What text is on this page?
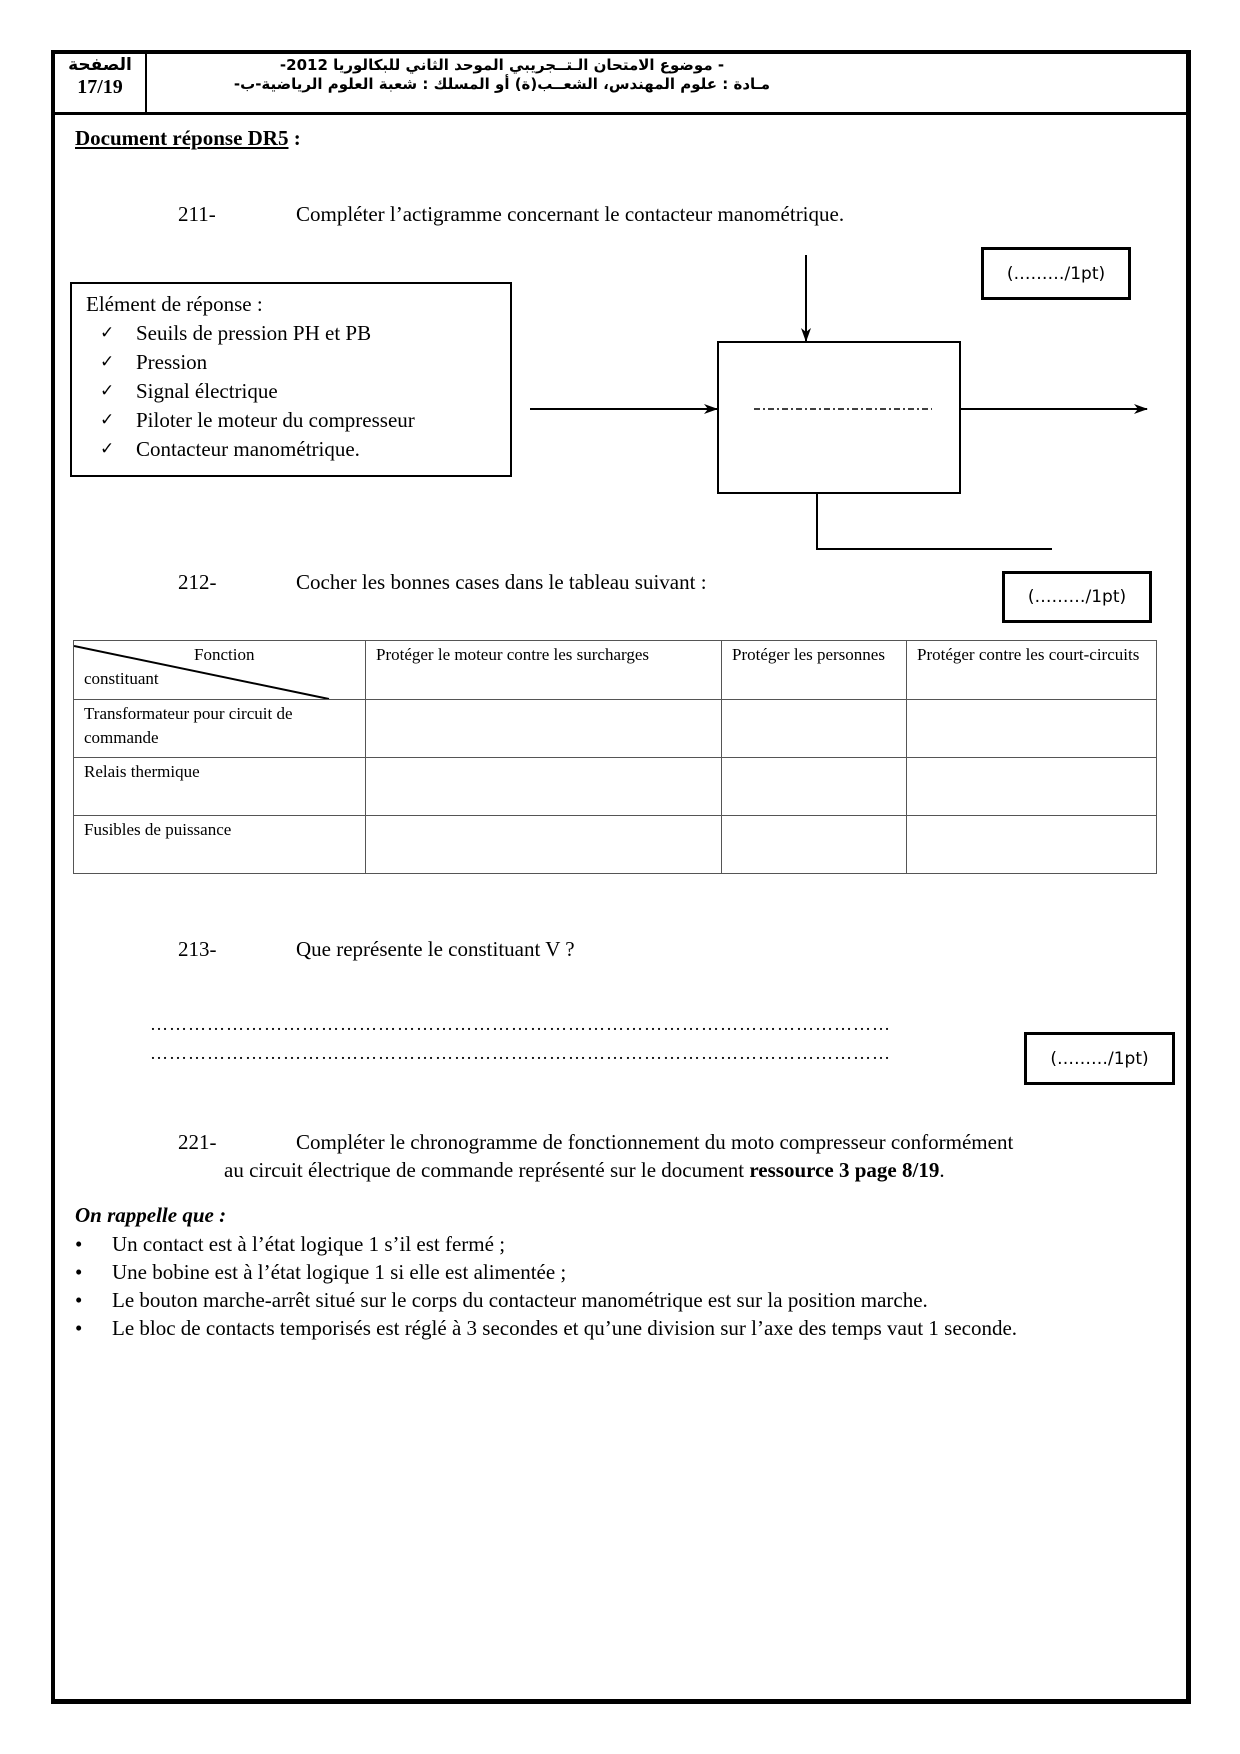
الصفحة
17/19
- موضوع الامتحان الـتــجريبي الموحد الثاني للبكالوريا 2012-
مـادة : علوم المهندس، الشعــب(ة) أو المسلك : شعبة العلوم الرياضية-ب-
Document réponse DR5 :
211-	Compléter l’actigramme concernant le contacteur manométrique.
(………/1pt)
Elément de réponse :
✓ Seuils de pression PH et PB
✓ Pression
✓ Signal électrique
✓ Piloter le moteur du compresseur
✓ Contacteur manométrique.
212-	Cocher les bonnes cases dans le tableau suivant :
(………/1pt)
Fonction
constituant	Protéger le moteur contre les surcharges	Protéger les personnes	Protéger contre les court-circuits
Transformateur pour circuit de commande			
Relais thermique			
Fusibles de puissance			
213-	Que représente le constituant V ?
………………………………………………………………………………………………………
………………………………………………………………………………………………………	(………/1pt)
221-	Compléter le chronogramme de fonctionnement du moto compresseur conformément
au circuit électrique de commande représenté sur le document ressource 3 page 8/19.
On rappelle que :
• Un contact est à l’état logique 1 s’il est fermé ;
• Une bobine est à l’état logique 1 si elle est alimentée ;
• Le bouton marche-arrêt situé sur le corps du contacteur manométrique est sur la position marche.
• Le bloc de contacts temporisés est réglé à 3 secondes et qu’une division sur l’axe des temps vaut 1 seconde.
